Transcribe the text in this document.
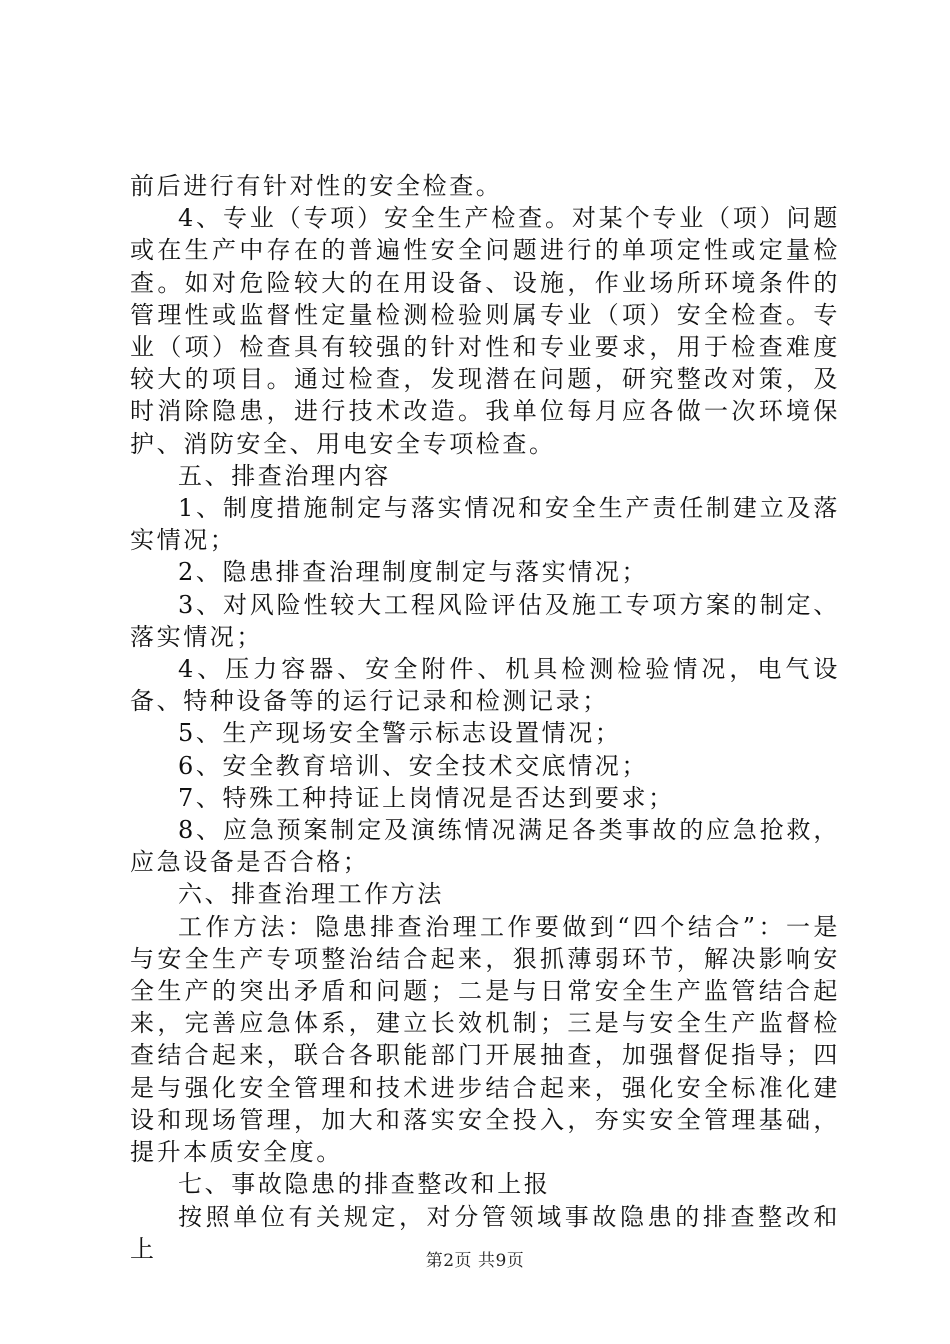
前后进行有针对性的安全检查。

4、专业（专项）安全生产检查。对某个专业（项）问题或在生产中存在的普遍性安全问题进行的单项定性或定量检查。如对危险较大的在用设备、设施，作业场所环境条件的管理性或监督性定量检测检验则属专业（项）安全检查。专业（项）检查具有较强的针对性和专业要求，用于检查难度较大的项目。通过检查，发现潜在问题，研究整改对策，及时消除隐患，进行技术改造。我单位每月应各做一次环境保护、消防安全、用电安全专项检查。

五、排查治理内容

1、制度措施制定与落实情况和安全生产责任制建立及落实情况；

2、隐患排查治理制度制定与落实情况；

3、对风险性较大工程风险评估及施工专项方案的制定、落实情况；

4、压力容器、安全附件、机具检测检验情况，电气设备、特种设备等的运行记录和检测记录；

5、生产现场安全警示标志设置情况；

6、安全教育培训、安全技术交底情况；

7、特殊工种持证上岗情况是否达到要求；

8、应急预案制定及演练情况满足各类事故的应急抢救，应急设备是否合格；

六、排查治理工作方法

工作方法：隐患排查治理工作要做到“四个结合”：一是与安全生产专项整治结合起来，狠抓薄弱环节，解决影响安全生产的突出矛盾和问题；二是与日常安全生产监管结合起来，完善应急体系，建立长效机制；三是与安全生产监督检查结合起来，联合各职能部门开展抽查，加强督促指导；四是与强化安全管理和技术进步结合起来，强化安全标准化建设和现场管理，加大和落实安全投入，夯实安全管理基础，提升本质安全度。

七、事故隐患的排查整改和上报

按照单位有关规定，对分管领域事故隐患的排查整改和上	第2页 共9页
